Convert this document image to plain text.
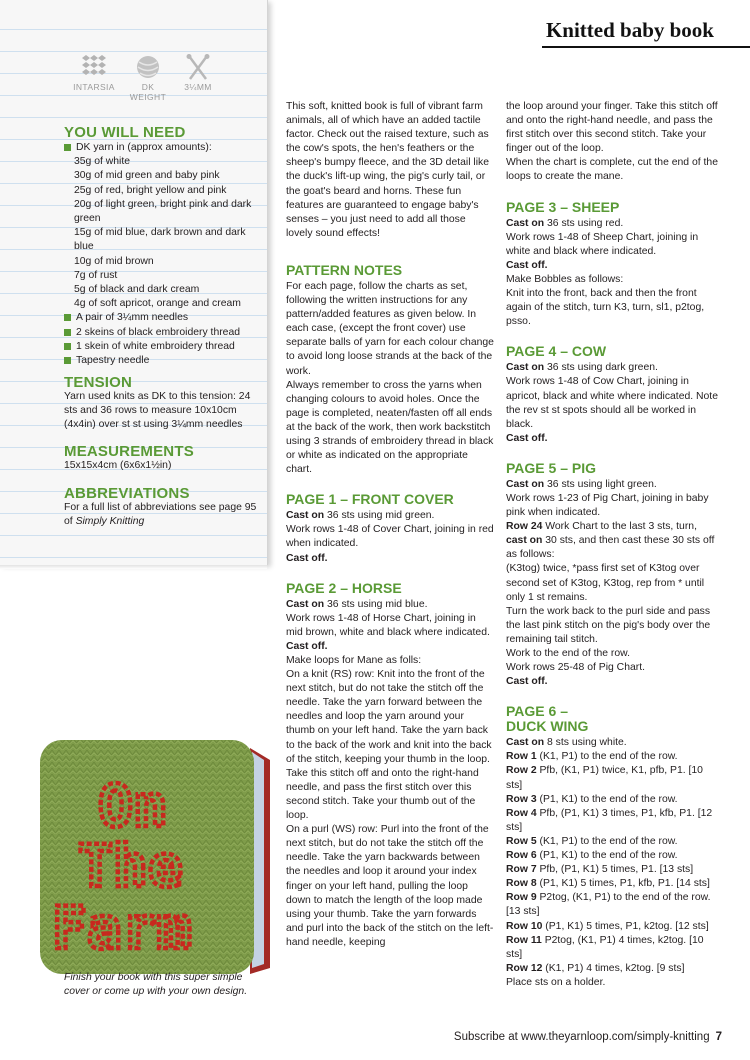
Knitted baby book
INTARSIA	DK WEIGHT
3¼MM
YOU WILL NEED
DK yarn in (approx amounts):
35g of white
30g of mid green and baby pink
25g of red, bright yellow and pink
20g of light green, bright pink and dark green
15g of mid blue, dark brown and dark blue
10g of mid brown
7g of rust
5g of black and dark cream
4g of soft apricot, orange and cream
A pair of 3¼mm needles
2 skeins of black embroidery thread
1 skein of white embroidery thread
Tapestry needle
TENSION
Yarn used knits as DK to this tension: 24 sts and 36 rows to measure 10x10cm (4x4in) over st st using 3¼mm needles
MEASUREMENTS
15x15x4cm (6x6x1½in)
ABBREVIATIONS
For a full list of abbreviations see page 95 of Simply Knitting
On
The
Farm
Finish your book with this super simple cover or come up with your own design.

This soft, knitted book is full of vibrant farm animals, all of which have an added tactile factor. Check out the raised texture, such as the cow's spots, the hen's feathers or the sheep's bumpy fleece, and the 3D detail like the duck's lift-up wing, the pig's curly tail, or the goat's beard and horns. These fun features are guaranteed to engage baby's senses – you just need to add all those lovely sound effects!

PATTERN NOTES

For each page, follow the charts as set, following the written instructions for any pattern/added features as given below. In each case, (except the front cover) use separate balls of yarn for each colour change to avoid long loose strands at the back of the work.

Always remember to cross the yarns when changing colours to avoid holes. Once the page is completed, neaten/fasten off all ends at the back of the work, then work backstitch using 3 strands of embroidery thread in black or white as indicated on the appropriate chart.

PAGE 1 – FRONT COVER

Cast on 36 sts using mid green.

Work rows 1-48 of Cover Chart, joining in red when indicated.

Cast off.

PAGE 2 – HORSE

Cast on 36 sts using mid blue.

Work rows 1-48 of Horse Chart, joining in mid brown, white and black where indicated.

Cast off.

Make loops for Mane as folls:

On a knit (RS) row: Knit into the front of the next stitch, but do not take the stitch off the needle. Take the yarn forward between the needles and loop the yarn around your thumb on your left hand. Take the yarn back to the back of the work and knit into the back of the stitch, keeping your thumb in the loop. Take this stitch off and onto the right-hand needle, and pass the first stitch over this second stitch. Take your thumb out of the loop.

On a purl (WS) row: Purl into the front of the next stitch, but do not take the stitch off the needle. Take the yarn backwards between the needles and loop it around your index finger on your left hand, pulling the loop down to match the length of the loop made using your thumb. Take the yarn forwards and purl into the back of the stitch on the left-hand needle, keeping

the loop around your finger. Take this stitch off and onto the right-hand needle, and pass the first stitch over this second stitch. Take your finger out of the loop.

When the chart is complete, cut the end of the loops to create the mane.

PAGE 3 – SHEEP

Cast on 36 sts using red.

Work rows 1-48 of Sheep Chart, joining in white and black where indicated.

Cast off.

Make Bobbles as follows:

Knit into the front, back and then the front again of the stitch, turn K3, turn, sl1, p2tog, psso.

PAGE 4 – COW

Cast on 36 sts using dark green.

Work rows 1-48 of Cow Chart, joining in apricot, black and white where indicated. Note the rev st st spots should all be worked in black.

Cast off.

PAGE 5 – PIG

Cast on 36 sts using light green.

Work rows 1-23 of Pig Chart, joining in baby pink when indicated.

Row 24 Work Chart to the last 3 sts, turn, cast on 30 sts, and then cast these 30 sts off as follows:

(K3tog) twice, *pass first set of K3tog over second set of K3tog, K3tog, rep from * until only 1 st remains.

Turn the work back to the purl side and pass the last pink stitch on the pig's body over the remaining tail stitch.

Work to the end of the row.

Work rows 25-48 of Pig Chart.

Cast off.

PAGE 6 –
DUCK WING

Cast on 8 sts using white.

Row 1 (K1, P1) to the end of the row.

Row 2 Pfb, (K1, P1) twice, K1, pfb, P1. [10 sts]

Row 3 (P1, K1) to the end of the row.

Row 4 Pfb, (P1, K1) 3 times, P1, kfb, P1. [12 sts]

Row 5 (K1, P1) to the end of the row.

Row 6 (P1, K1) to the end of the row.

Row 7 Pfb, (P1, K1) 5 times, P1. [13 sts]

Row 8 (P1, K1) 5 times, P1, kfb, P1. [14 sts]

Row 9 P2tog, (K1, P1) to the end of the row. [13 sts]

Row 10 (P1, K1) 5 times, P1, k2tog. [12 sts]

Row 11 P2tog, (K1, P1) 4 times, k2tog. [10 sts]

Row 12 (K1, P1) 4 times, k2tog. [9 sts]

Place sts on a holder.

Subscribe at www.theyarnloop.com/simply-knitting 7
